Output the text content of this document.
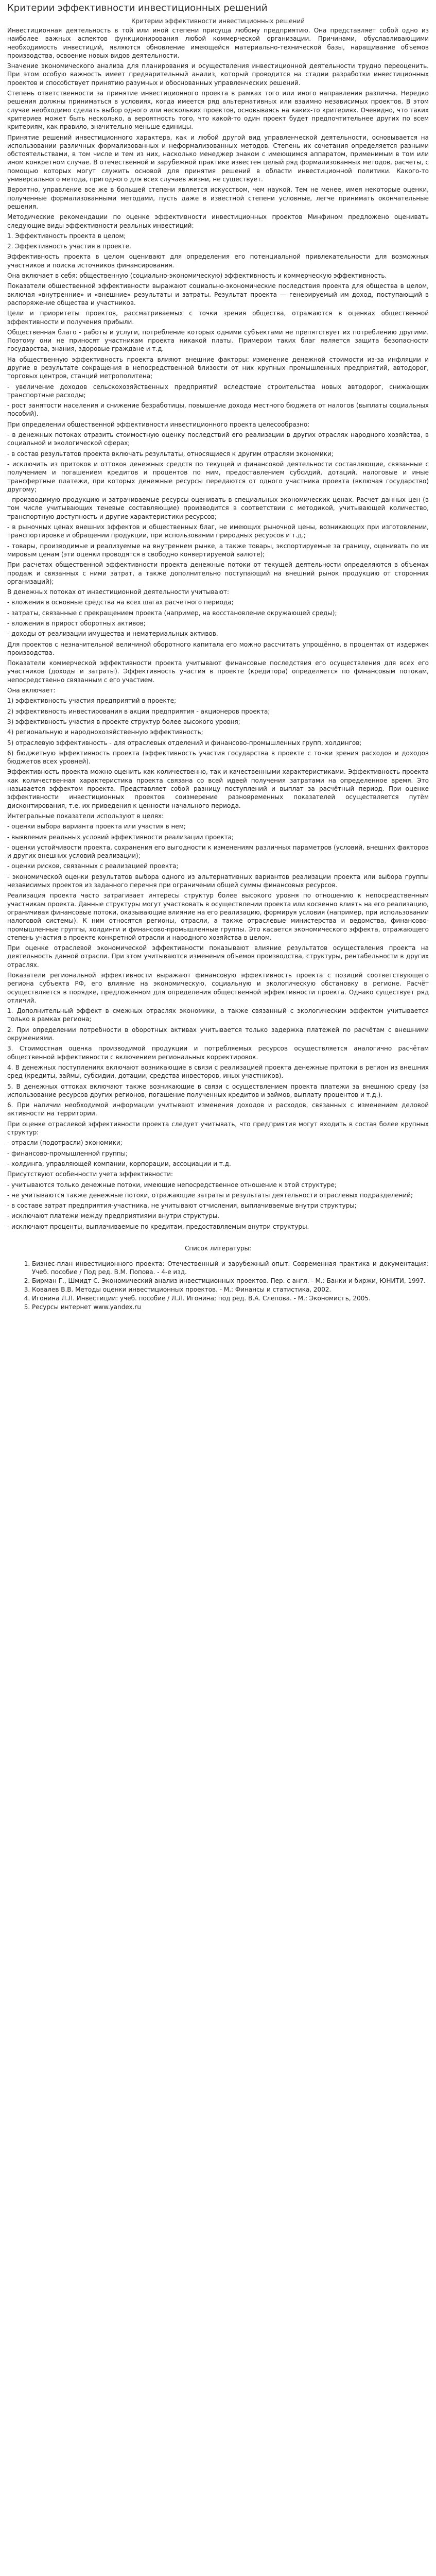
Критерии эффективности инвестиционных решений
Критерии эффективности инвестиционных решений

Инвестиционная деятельность в той или иной степени присуща любому предприятию. Она представляет собой одно из наиболее важных аспектов функционирования любой коммерческой организации. Причинами, обуславливающими необходимость инвестиций, являются обновление имеющейся материально-технической базы, наращивание объемов производства, освоение новых видов деятельности.

Значение экономического анализа для планирования и осуществления инвестиционной деятельности трудно переоценить. При этом особую важность имеет предварительный анализ, который проводится на стадии разработки инвестиционных проектов и способствует принятию разумных и обоснованных управленческих решений.

Степень ответственности за принятие инвестиционного проекта в рамках того или иного направления различна. Нередко решения должны приниматься в условиях, когда имеется ряд альтернативных или взаимно независимых проектов. В этом случае необходимо сделать выбор одного или нескольких проектов, основываясь на каких-то критериях. Очевидно, что таких критериев может быть несколько, а вероятность того, что какой-то один проект будет предпочтительнее других по всем критериям, как правило, значительно меньше единицы.

Принятие решений инвестиционного характера, как и любой другой вид управленческой деятельности, основывается на использовании различных формализованных и неформализованных методов. Степень их сочетания определяется разными обстоятельствами, в том числе и тем из них, насколько менеджер знаком с имеющимся аппаратом, применимым в том или ином конкретном случае. В отечественной и зарубежной практике известен целый ряд формализованных методов, расчеты, с помощью которых могут служить основой для принятия решений в области инвестиционной политики. Какого-то универсального метода, пригодного для всех случаев жизни, не существует.

Вероятно, управление все же в большей степени является искусством, чем наукой. Тем не менее, имея некоторые оценки, полученные формализованными методами, пусть даже в известной степени условные, легче принимать окончательные решения.

Методические рекомендации по оценке эффективности инвестиционных проектов Минфином предложено оценивать следующие виды эффективности реальных инвестиций:

1. Эффективность проекта в целом;

2. Эффективность участия в проекте.

Эффективность проекта в целом оценивают для определения его потенциальной привлекательности для возможных участников и поиска источников финансирования.

Она включает в себя: общественную (социально-экономическую) эффективность и коммерческую эффективность.

Показатели общественной эффективности выражают социально-экономические последствия проекта для общества в целом, включая «внутренние» и «внешние» результаты и затраты. Результат проекта — генерируемый им доход, поступающий в распоряжение общества и участников.

Цели и приоритеты проектов, рассматриваемых с точки зрения общества, отражаются в оценках общественной эффективности и получения прибыли.

Общественная благо - работы и услуги, потребление которых одними субъектами не препятствует их потреблению другими. Поэтому они не приносят участникам проекта никакой платы. Примером таких благ является защита безопасности государства, знания, здоровые граждане и т.д.

На общественную эффективность проекта влияют внешние факторы: изменение денежной стоимости из-за инфляции и другие в результате сокращения в непосредственной близости от них крупных промышленных предприятий, автодорог, торговых центров, станций метрополитена;

- увеличение доходов сельскохозяйственных предприятий вследствие строительства новых автодорог, снижающих транспортные расходы;

- рост занятости населения и снижение безработицы, повышение дохода местного бюджета от налогов (выплаты социальных пособий).

При определении общественной эффективности инвестиционного проекта целесообразно:

- в денежных потоках отразить стоимостную оценку последствий его реализации в других отраслях народного хозяйства, в социальной и экологической сферах;

- в состав результатов проекта включать результаты, относящиеся к другим отраслям экономики;

- исключить из притоков и оттоков денежных средств по текущей и финансовой деятельности составляющие, связанные с получением и погашением кредитов и процентов по ним, предоставлением субсидий, дотаций, налоговые и иные трансфертные платежи, при которых денежные ресурсы передаются от одного участника проекта (включая государство) другому;

- производимую продукцию и затрачиваемые ресурсы оценивать в специальных экономических ценах. Расчет данных цен (в том числе учитывающих теневые составляющие) производится в соответствии с методикой, учитывающей количество, транспортную доступность и другие характеристики ресурсов;

- в рыночных ценах внешних эффектов и общественных благ, не имеющих рыночной цены, возникающих при изготовлении, транспортировке и обращении продукции, при использовании природных ресурсов и т.д.;

- товары, производимые и реализуемые на внутреннем рынке, а также товары, экспортируемые за границу, оценивать по их мировым ценам (эти оценки проводятся в свободно конвертируемой валюте);

При расчетах общественной эффективности проекта денежные потоки от текущей деятельности определяются в объемах продаж и связанных с ними затрат, а также дополнительно поступающий на внешний рынок продукцию от сторонних организаций);

В денежных потоках от инвестиционной деятельности учитывают:

- вложения в основные средства на всех шагах расчетного периода;

- затраты, связанные с прекращением проекта (например, на восстановление окружающей среды);

- вложения в прирост оборотных активов;

- доходы от реализации имущества и нематериальных активов.

Для проектов с незначительной величиной оборотного капитала его можно рассчитать упрощённо, в процентах от издержек производства.

Показатели коммерческой эффективности проекта учитывают финансовые последствия его осуществления для всех его участников (доходы и затраты). Эффективность участия в проекте (кредитора) определяется по финансовым потокам, непосредственно связанным с его участием.

Она включает:

1) эффективность участия предприятий в проекте;

2) эффективность инвестирования в акции предприятия - акционеров проекта;

3) эффективность участия в проекте структур более высокого уровня;

4) региональную и народнохозяйственную эффективность;

5) отраслевую эффективность - для отраслевых отделений и финансово-промышленных групп, холдингов;

6) бюджетную эффективность проекта (эффективность участия государства в проекте с точки зрения расходов и доходов бюджетов всех уровней).

Эффективность проекта можно оценить как количественно, так и качественными характеристиками. Эффективность проекта как количественная характеристика проекта связана со всей идеей получения затратами на определенное время. Это называется эффектом проекта. Представляет собой разницу поступлений и выплат за расчётный период. При оценке эффективности инвестиционных проектов соизмерение разновременных показателей осуществляется путём дисконтирования, т.е. их приведения к ценности начального периода.

Интегральные показатели используют в целях:

- оценки выбора варианта проекта или участия в нем;

- выявления реальных условий эффективности реализации проекта;

- оценки устойчивости проекта, сохранения его выгодности к изменениям различных параметров (условий, внешних факторов и других внешних условий реализации);

- оценки рисков, связанных с реализацией проекта;

- экономической оценки результатов выбора одного из альтернативных вариантов реализации проекта или выбора группы независимых проектов из заданного перечня при ограничении общей суммы финансовых ресурсов.

Реализация проекта часто затрагивает интересы структур более высокого уровня по отношению к непосредственным участникам проекта. Данные структуры могут участвовать в осуществлении проекта или косвенно влиять на его реализацию, ограничивая финансовые потоки, оказывающие влияние на его реализацию, формируя условия (например, при использовании налоговой системы). К ним относятся регионы, отрасли, а также отраслевые министерства и ведомства, финансово-промышленные группы, холдинги и финансово-промышленные группы. Это касается экономического эффекта, отражающего степень участия в проекте конкретной отрасли и народного хозяйства в целом.

При оценке отраслевой экономической эффективности показывают влияние результатов осуществления проекта на деятельность данной отрасли. При этом учитываются изменения объемов производства, структуры, рентабельности в других отраслях.

Показатели региональной эффективности выражают финансовую эффективность проекта с позиций соответствующего региона субъекта РФ, его влияние на экономическую, социальную и экологическую обстановку в регионе. Расчёт осуществляется в порядке, предложенном для определения общественной эффективности проекта. Однако существует ряд отличий.

1. Дополнительный эффект в смежных отраслях экономики, а также связанный с экологическим эффектом учитывается только в рамках региона;

2. При определении потребности в оборотных активах учитывается только задержка платежей по расчётам с внешними окружениями.

3. Стоимостная оценка производимой продукции и потребляемых ресурсов осуществляется аналогично расчётам общественной эффективности с включением региональных корректировок.

4. В денежных поступлениях включают возникающие в связи с реализацией проекта денежные притоки в регион из внешних сред (кредиты, займы, субсидии, дотации, средства инвесторов, иных участников).

5. В денежных оттоках включают также возникающие в связи с осуществлением проекта платежи за внешнюю среду (за использование ресурсов других регионов, погашение полученных кредитов и займов, выплату процентов и т.д.).

6. При наличии необходимой информации учитывают изменения доходов и расходов, связанных с изменением деловой активности на территории.

При оценке отраслевой эффективности проекта следует учитывать, что предприятия могут входить в состав более крупных структур:

- отрасли (подотрасли) экономики;

- финансово-промышленной группы;

- холдинга, управляющей компании, корпорации, ассоциации и т.д.

Присутствуют особенности учета эффективности:

- учитываются только денежные потоки, имеющие непосредственное отношение к этой структуре;

- не учитываются также денежные потоки, отражающие затраты и результаты деятельности отраслевых подразделений;

- в составе затрат предприятия-участника, не учитывают отчисления, выплачиваемые внутри структуры;

- исключают платежи между предприятиями внутри структуры.

- исключают проценты, выплачиваемые по кредитам, предоставляемым внутри структуры.

Список литературы:
1. Бизнес-план инвестиционного проекта: Отечественный и зарубежный опыт. Современная практика и документация: Учеб. пособие / Под ред. В.М. Попова. - 4-е изд.
2. Бирман Г., Шмидт С. Экономический анализ инвестиционных проектов. Пер. с англ. - М.: Банки и биржи, ЮНИТИ, 1997.
3. Ковалев В.В. Методы оценки инвестиционных проектов. - М.: Финансы и статистика, 2002.
4. Игонина Л.Л. Инвестиции: учеб. пособие / Л.Л. Игонина; под ред. В.А. Слепова. - М.: Экономистъ, 2005.
5. Ресурсы интернет www.yandex.ru
